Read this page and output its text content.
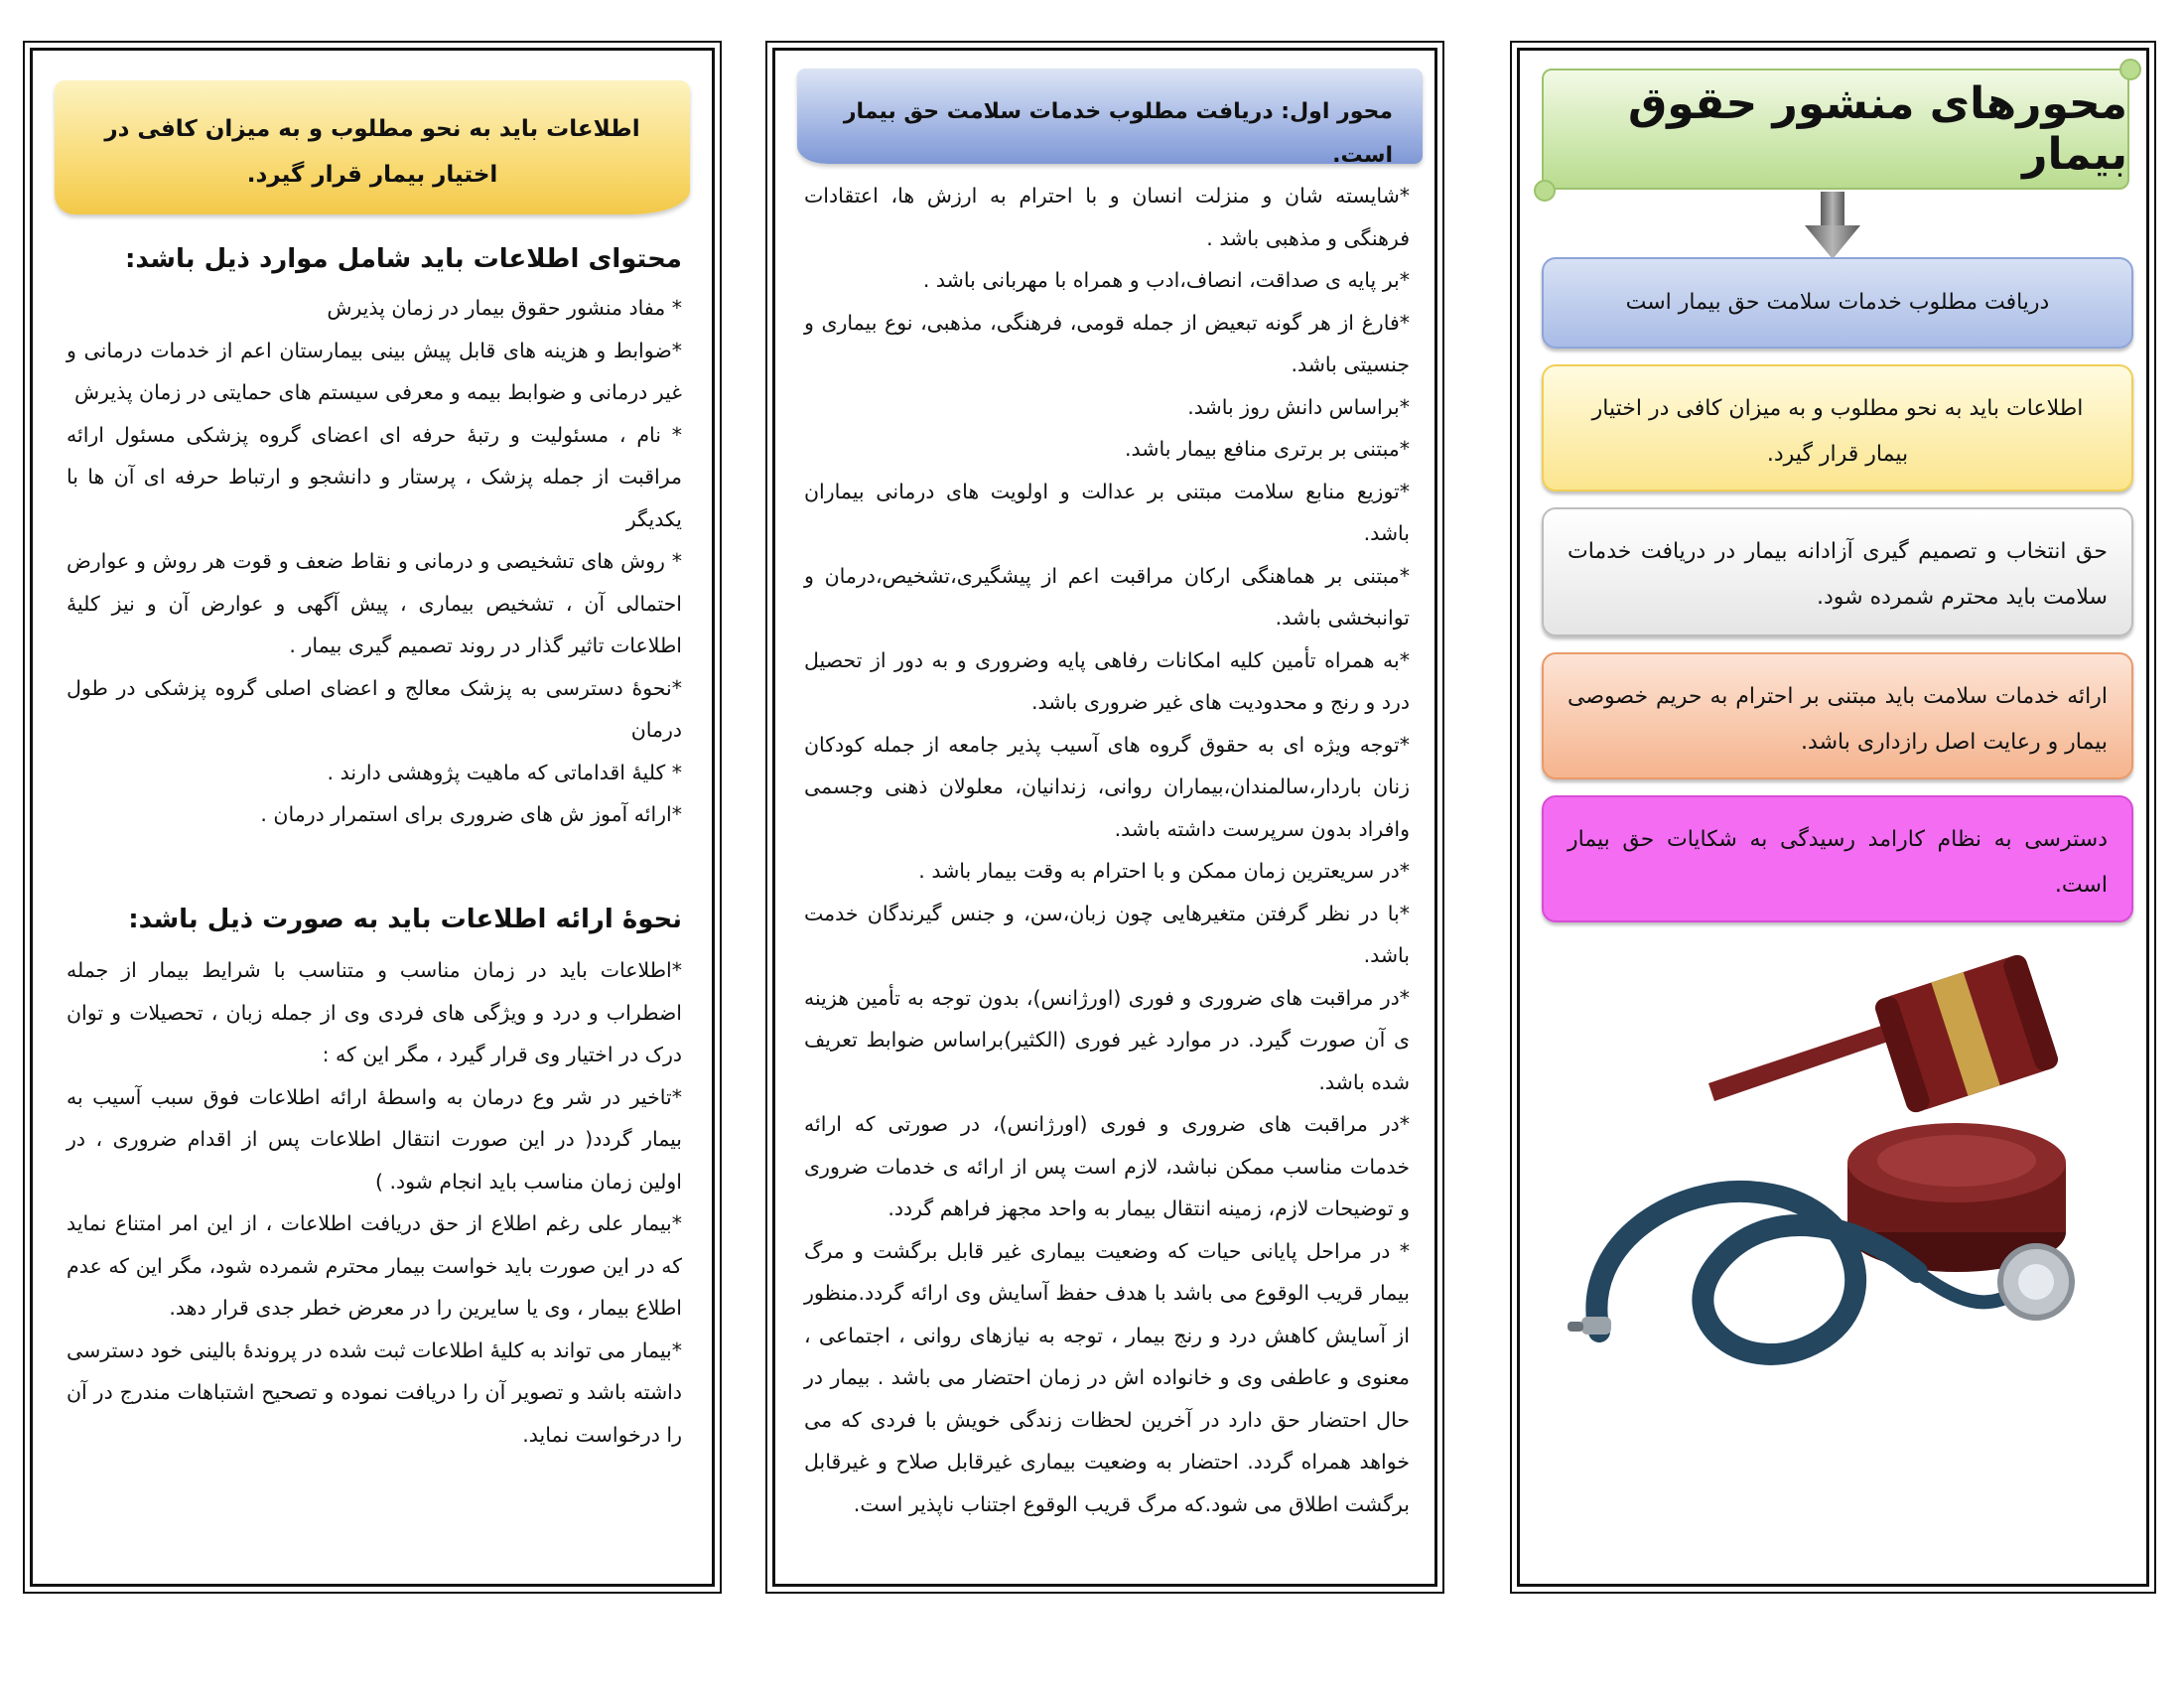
اطلاعات باید به نحو مطلوب و به میزان کافی در اختیار بیمار قرار گیرد.
محتوای اطلاعات باید شامل موارد ذیل باشد:

* مفاد منشور حقوق بیمار در زمان پذیرش

*ضوابط و هزینه های قابل پیش بینی بیمارستان اعم از خدمات درمانی و غیر درمانی و ضوابط بیمه و معرفی سیستم های حمایتی در زمان پذیرش

* نام ، مسئولیت و رتبۀ حرفه ای اعضای گروه پزشکی مسئول ارائه مراقبت از جمله پزشک ، پرستار و دانشجو و ارتباط حرفه ای آن ها با یکدیگر

* روش های تشخیصی و درمانی و نقاط ضعف و قوت هر روش و عوارض احتمالی آن ، تشخیص بیماری ، پیش آگهی و عوارض آن و نیز کلیۀ اطلاعات تاثیر گذار در روند تصمیم گیری بیمار .

*نحوۀ دسترسی به پزشک معالج و اعضای اصلی گروه پزشکی در طول درمان

* کلیۀ اقداماتی که ماهیت پژوهشی دارند .

*ارائه آموز ش های ضروری برای استمرار درمان .

نحوۀ ارائه اطلاعات باید به صورت ذیل باشد:

*اطلاعات باید در زمان مناسب و متناسب با شرایط بیمار از جمله اضطراب و درد و ویژگی های فردی وی از جمله زبان ، تحصیلات و توان درک در اختیار وی قرار گیرد ، مگر این که :

*تاخیر در شر وع درمان به واسطۀ ارائه اطلاعات فوق سبب آسیب به بیمار گردد( در این صورت انتقال اطلاعات پس از اقدام ضروری ، در اولین زمان مناسب باید انجام شود. )

*بیمار علی رغم اطلاع از حق دریافت اطلاعات ، از این امر امتناع نماید که در این صورت باید خواست بیمار محترم شمرده شود، مگر این که عدم اطلاع بیمار ، وی یا سایرین را در معرض خطر جدی قرار دهد.

*بیمار می تواند به کلیۀ اطلاعات ثبت شده در پروندۀ بالینی خود دسترسی داشته باشد و تصویر آن را دریافت نموده و تصحیح اشتباهات مندرج در آن را درخواست نماید.

محور اول: دریافت مطلوب خدمات سلامت حق بیمار است.

*شایسته شان و منزلت انسان و با احترام به ارزش ها، اعتقادات فرهنگی و مذهبی باشد .

*بر پایه ی صداقت، انصاف،ادب و همراه با مهربانی باشد .

*فارغ از هر گونه تبعیض از جمله قومی، فرهنگی، مذهبی، نوع بیماری و جنسیتی باشد.

*براساس دانش روز باشد.

*مبتنی بر برتری منافع بیمار باشد.

*توزیع منابع سلامت مبتنی بر عدالت و اولویت های درمانی بیماران باشد.

*مبتنی بر هماهنگی ارکان مراقبت اعم از پیشگیری،تشخیص،درمان و توانبخشی باشد.

*به همراه تأمین کلیه امکانات رفاهی پایه وضروری و به دور از تحصیل درد و رنج و محدودیت های غیر ضروری باشد.

*توجه ویژه ای به حقوق گروه های آسیب پذیر جامعه از جمله کودکان زنان باردار،سالمندان،بیماران روانی، زندانیان، معلولان ذهنی وجسمی وافراد بدون سرپرست داشته باشد.

*در سریعترین زمان ممکن و با احترام به وقت بیمار باشد .

*با در نظر گرفتن متغیرهایی چون زبان،سن، و جنس گیرندگان خدمت باشد.

*در مراقبت های ضروری و فوری (اورژانس)، بدون توجه به تأمین هزینه ی آن صورت گیرد. در موارد غیر فوری (الکثیر)براساس ضوابط تعریف شده باشد.

*در مراقبت های ضروری و فوری (اورژانس)، در صورتی که ارائه خدمات مناسب ممکن نباشد، لازم است پس از ارائه ی خدمات ضروری و توضیحات لازم، زمینه انتقال بیمار به واحد مجهز فراهم گردد.

* در مراحل پایانی حیات که وضعیت بیماری غیر قابل برگشت و مرگ بیمار قریب الوقوع می باشد با هدف حفظ آسایش وی ارائه گردد.منظور از آسایش کاهش درد و رنج بیمار ، توجه به نیازهای روانی ، اجتماعی ، معنوی و عاطفی وی و خانواده اش در زمان احتضار می باشد . بیمار در حال احتضار حق دارد در آخرین لحظات زندگی خویش با فردی که می خواهد همراه گردد. احتضار به وضعیت بیماری غیرقابل صلاح و غیرقابل برگشت اطلاق می شود.که مرگ قریب الوقوع اجتناب ناپذیر است.

محورهای منشور حقوق بیمار
دریافت مطلوب خدمات سلامت حق بیمار است
اطلاعات باید به نحو مطلوب و به میزان کافی در اختیار بیمار قرار گیرد.
حق انتخاب و تصمیم گیری آزادانه بیمار در دریافت خدمات سلامت باید محترم شمرده شود.
ارائه خدمات سلامت باید مبتنی بر احترام به حریم خصوصی بیمار و رعایت اصل رازداری باشد.
دسترسی به نظام کارامد رسیدگی به شکایات حق بیمار است.
